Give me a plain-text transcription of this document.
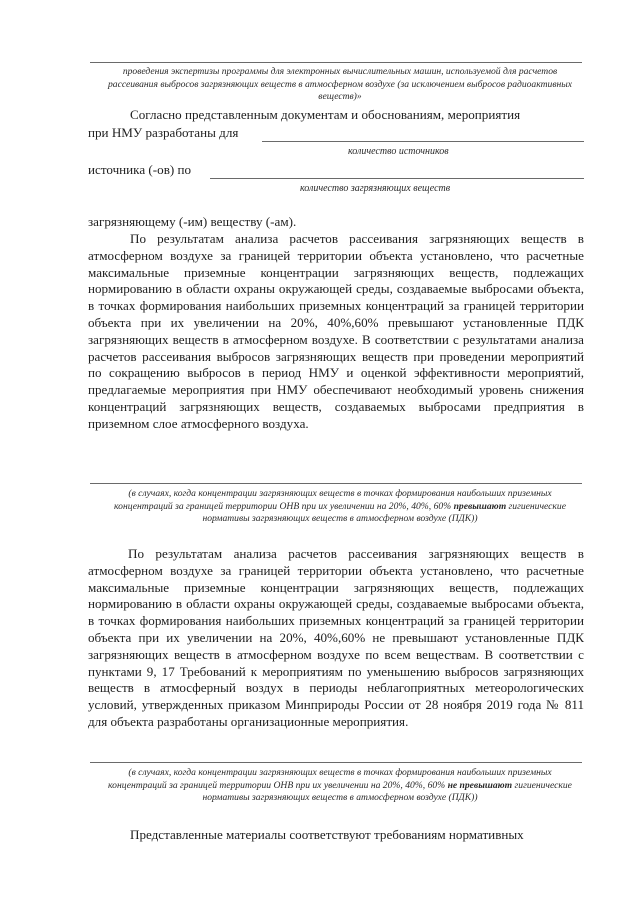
проведения экспертизы программы для электронных вычислительных машин, используемой для расчетов рассеивания выбросов загрязняющих веществ в атмосферном воздухе (за исключением выбросов радиоактивных веществ)»

Согласно представленным документам и обоснованиям, мероприятия

при НМУ разработаны для

количество источников

источника (-ов) по

количество загрязняющих веществ

загрязняющему (-им) веществу (-ам).

По результатам анализа расчетов рассеивания загрязняющих веществ в атмосферном воздухе за границей территории объекта установлено, что расчетные максимальные приземные концентрации загрязняющих веществ, подлежащих нормированию в области охраны окружающей среды, создаваемые выбросами объекта, в точках формирования наибольших приземных концентраций за границей территории объекта при их увеличении на 20%, 40%,60% превышают установленные ПДК загрязняющих веществ в атмосферном воздухе. В соответствии с результатами анализа расчетов рассеивания выбросов загрязняющих веществ при проведении мероприятий по сокращению выбросов в период НМУ и оценкой эффективности мероприятий, предлагаемые мероприятия при НМУ обеспечивают необходимый уровень снижения концентраций загрязняющих веществ, создаваемых выбросами предприятия в приземном слое атмосферного воздуха.

(в случаях, когда концентрации загрязняющих веществ в точках формирования наибольших приземных концентраций за границей территории ОНВ при их увеличении на 20%, 40%, 60% превышают гигиенические нормативы загрязняющих веществ в атмосферном воздухе (ПДК))

По результатам анализа расчетов рассеивания загрязняющих веществ в атмосферном воздухе за границей территории объекта установлено, что расчетные максимальные приземные концентрации загрязняющих веществ, подлежащих нормированию в области охраны окружающей среды, создаваемые выбросами объекта, в точках формирования наибольших приземных концентраций за границей территории объекта при их увеличении на 20%, 40%,60% не превышают установленные ПДК загрязняющих веществ в атмосферном воздухе по всем веществам. В соответствии с пунктами 9, 17 Требований к мероприятиям по уменьшению выбросов загрязняющих веществ в атмосферный воздух в периоды неблагоприятных метеорологических условий, утвержденных приказом Минприроды России от 28 ноября 2019 года № 811 для объекта разработаны организационные мероприятия.

(в случаях, когда концентрации загрязняющих веществ в точках формирования наибольших приземных концентраций за границей территории ОНВ при их увеличении на 20%, 40%, 60% не превышают гигиенические нормативы загрязняющих веществ в атмосферном воздухе (ПДК))

Представленные материалы соответствуют требованиям нормативных
